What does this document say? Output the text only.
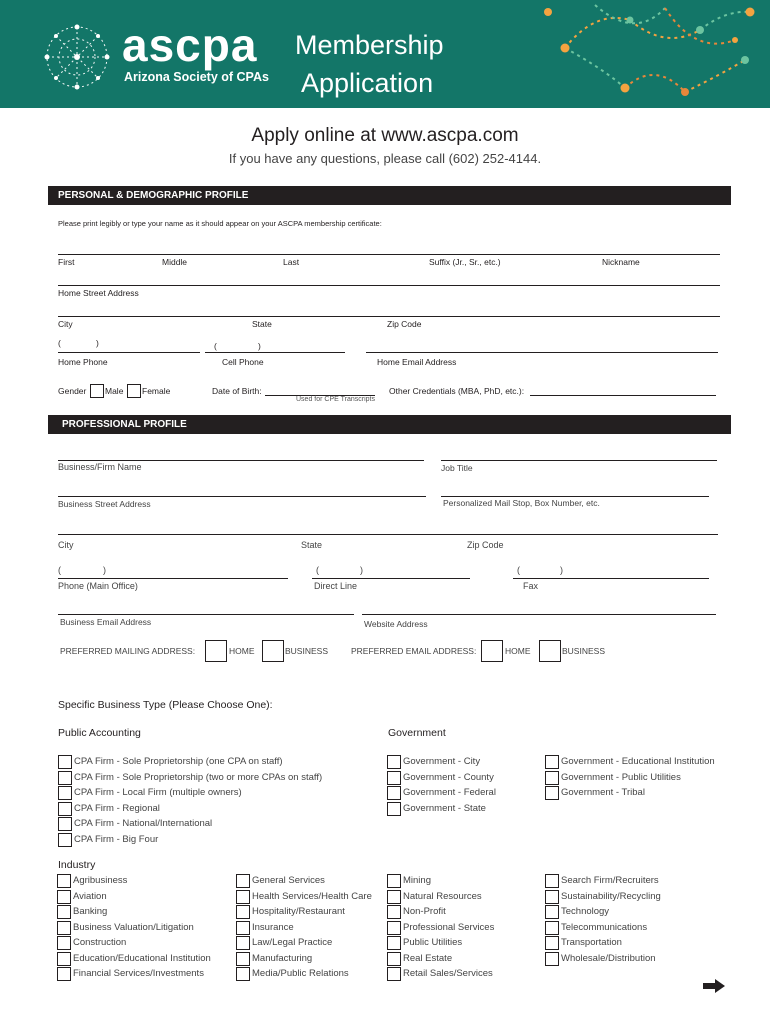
ascpa
Arizona Society of CPAs
Membership
Application
Apply online at www.ascpa.com
If you have any questions, please call (602) 252-4144.
PERSONAL & DEMOGRAPHIC PROFILE
Please print legibly or type your name as it should appear on your ASCPA membership certificate:
First	Middle	Last	Suffix (Jr., Sr., etc.)	Nickname
Home Street Address
City	State	Zip Code
(	)	(	)
Home Phone	Cell Phone	Home Email Address
Gender Male Female	Date of Birth:
Used for CPE Transcripts
Other Credentials (MBA, PhD, etc.):
PROFESSIONAL PROFILE
Business/Firm Name	Job Title
Personalized Mail Stop, Box Number, etc.
Business Street Address
City	State	Zip Code
(	)	(	)	(	)
Phone (Main Office)	Direct Line	Fax
Business Email Address	Website Address
PREFERRED MAILING ADDRESS:	HOME	BUSINESS	PREFERRED EMAIL ADDRESS:	HOME	BUSINESS
Specific Business Type (Please Choose One):
Public Accounting	Government
CPA Firm - Sole Proprietorship (one CPA on staff)
CPA Firm - Sole Proprietorship (two or more CPAs on staff)
CPA Firm - Local Firm (multiple owners)
CPA Firm - Regional
CPA Firm - National/International
CPA Firm - Big Four
Government - City
Government - County
Government - Federal
Government - State
Government - Educational Institution
Government - Public Utilities
Government - Tribal
Industry
Agribusiness
Aviation
Banking
Business Valuation/Litigation
Construction
Education/Educational Institution
Financial Services/Investments
General Services
Health Services/Health Care
Hospitality/Restaurant
Insurance
Law/Legal Practice
Manufacturing
Media/Public Relations
Mining
Natural Resources
Non-Profit
Professional Services
Public Utilities
Real Estate
Retail Sales/Services
Search Firm/Recruiters
Sustainability/Recycling
Technology
Telecommunications
Transportation
Wholesale/Distribution
